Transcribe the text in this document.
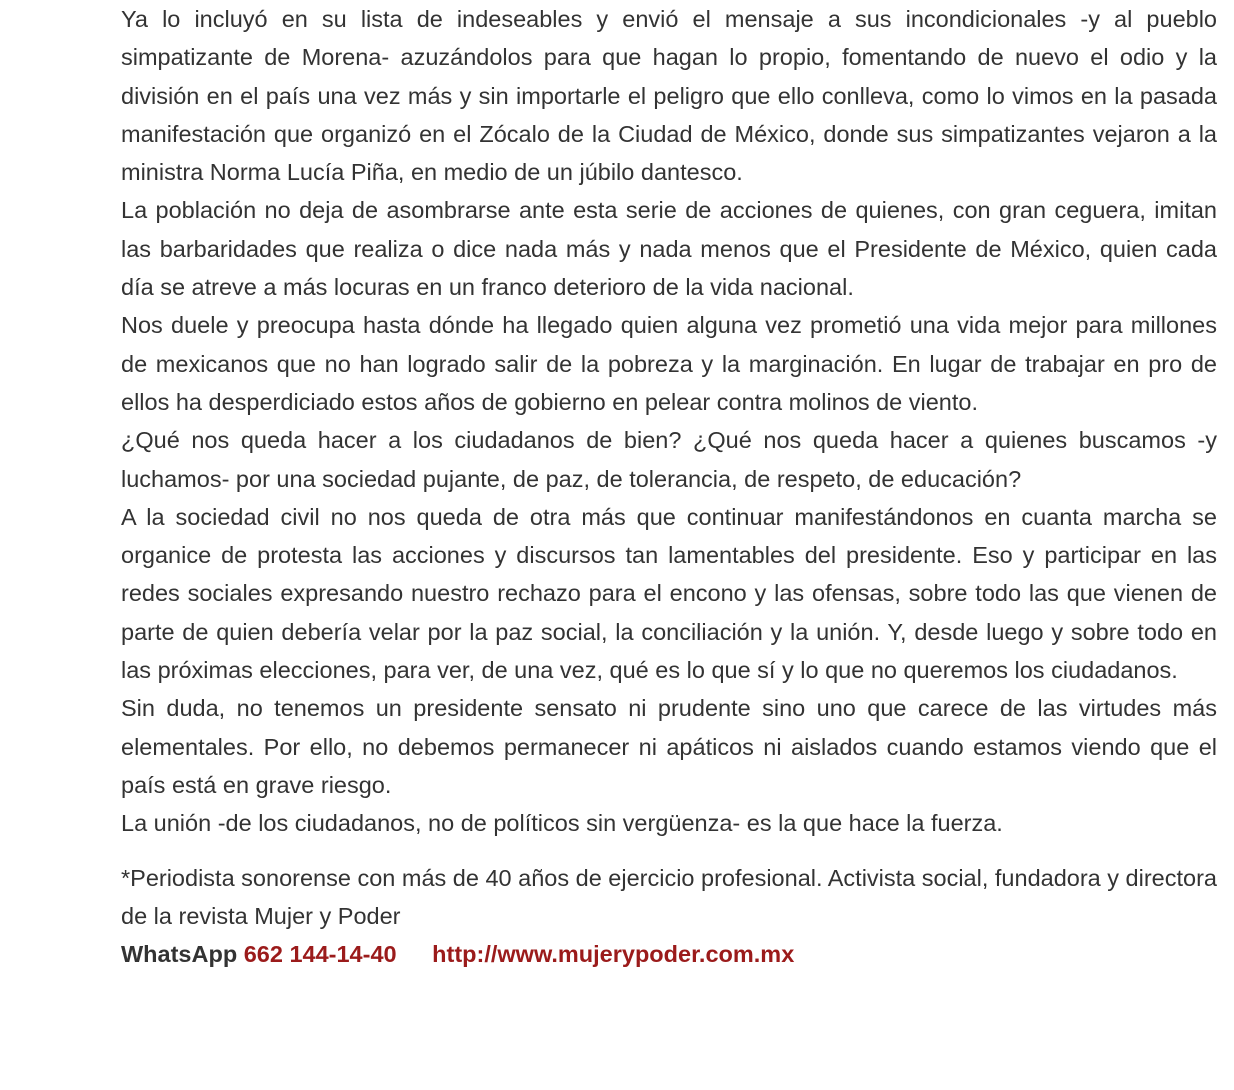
Ya lo incluyó en su lista de indeseables y envió el mensaje a sus incondicionales -y al pueblo simpatizante de Morena- azuzándolos para que hagan lo propio, fomentando de nuevo el odio y la división en el país una vez más y sin importarle el peligro que ello conlleva, como lo vimos en la pasada manifestación que organizó en el Zócalo de la Ciudad de México, donde sus simpatizantes vejaron a la ministra Norma Lucía Piña, en medio de un júbilo dantesco.

La población no deja de asombrarse ante esta serie de acciones de quienes, con gran ceguera, imitan las barbaridades que realiza o dice nada más y nada menos que el Presidente de México, quien cada día se atreve a más locuras en un franco deterioro de la vida nacional.

Nos duele y preocupa hasta dónde ha llegado quien alguna vez prometió una vida mejor para millones de mexicanos que no han logrado salir de la pobreza y la marginación. En lugar de trabajar en pro de ellos ha desperdiciado estos años de gobierno en pelear contra molinos de viento.

¿Qué nos queda hacer a los ciudadanos de bien? ¿Qué nos queda hacer a quienes buscamos -y luchamos- por una sociedad pujante, de paz, de tolerancia, de respeto, de educación?

A la sociedad civil no nos queda de otra más que continuar manifestándonos en cuanta marcha se organice de protesta las acciones y discursos tan lamentables del presidente. Eso y participar en las redes sociales expresando nuestro rechazo para el encono y las ofensas, sobre todo las que vienen de parte de quien debería velar por la paz social, la conciliación y la unión. Y, desde luego y sobre todo en las próximas elecciones, para ver, de una vez, qué es lo que sí y lo que no queremos los ciudadanos.

Sin duda, no tenemos un presidente sensato ni prudente sino uno que carece de las virtudes más elementales. Por ello, no debemos permanecer ni apáticos ni aislados cuando estamos viendo que el país está en grave riesgo.

La unión -de los ciudadanos, no de políticos sin vergüenza- es la que hace la fuerza.

*Periodista sonorense con más de 40 años de ejercicio profesional. Activista social, fundadora y directora de la revista Mujer y Poder

WhatsApp 662 144-14-40 http://www.mujerypoder.com.mx
